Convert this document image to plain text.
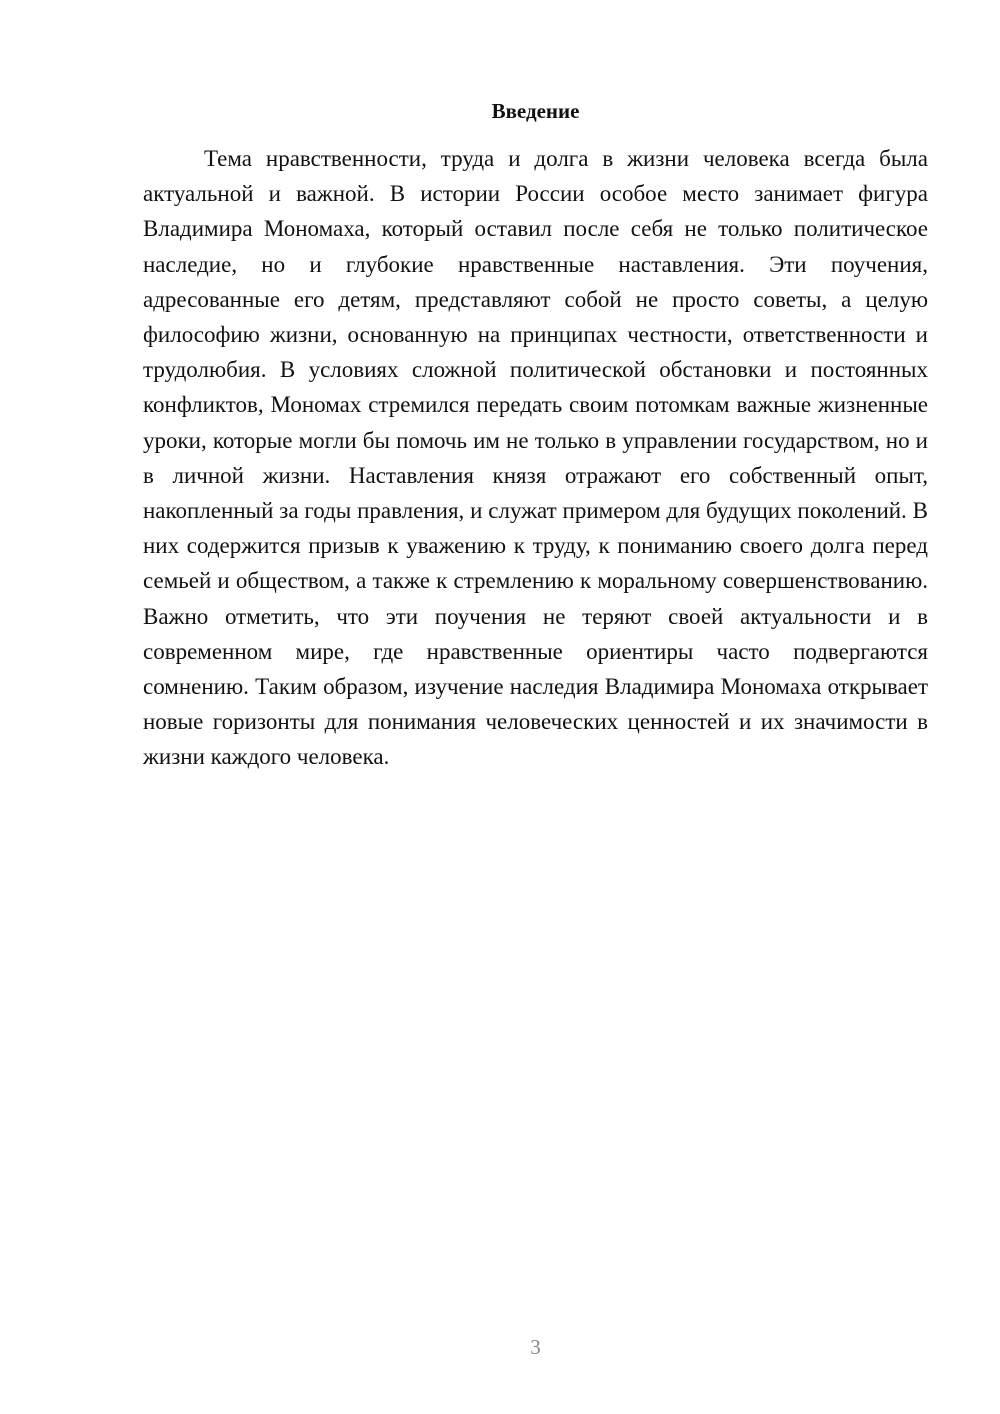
Введение

Тема нравственности, труда и долга в жизни человека всегда была актуальной и важной. В истории России особое место занимает фигура Владимира Мономаха, который оставил после себя не только политическое наследие, но и глубокие нравственные наставления. Эти поучения, адресованные его детям, представляют собой не просто советы, а целую философию жизни, основанную на принципах честности, ответственности и трудолюбия. В условиях сложной политической обстановки и постоянных конфликтов, Мономах стремился передать своим потомкам важные жизненные уроки, которые могли бы помочь им не только в управлении государством, но и в личной жизни. Наставления князя отражают его собственный опыт, накопленный за годы правления, и служат примером для будущих поколений. В них содержится призыв к уважению к труду, к пониманию своего долга перед семьей и обществом, а также к стремлению к моральному совершенствованию. Важно отметить, что эти поучения не теряют своей актуальности и в современном мире, где нравственные ориентиры часто подвергаются сомнению. Таким образом, изучение наследия Владимира Мономаха открывает новые горизонты для понимания человеческих ценностей и их значимости в жизни каждого человека.

3
